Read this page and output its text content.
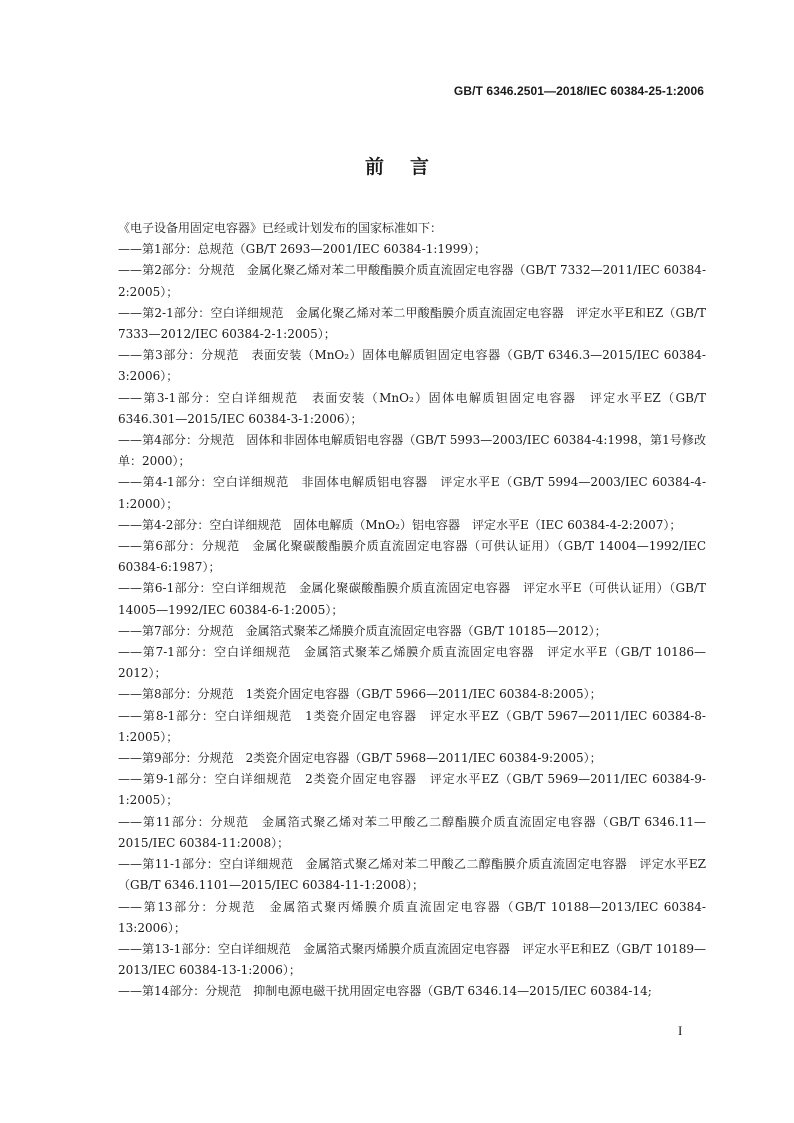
GB/T 6346.2501—2018/IEC 60384-25-1:2006
前言
《电子设备用固定电容器》已经或计划发布的国家标准如下：
——第1部分：总规范（GB/T 2693—2001/IEC 60384-1:1999）；
——第2部分：分规范　金属化聚乙烯对苯二甲酸酯膜介质直流固定电容器（GB/T 7332—2011/IEC 60384-2:2005）；
——第2-1部分：空白详细规范　金属化聚乙烯对苯二甲酸酯膜介质直流固定电容器　评定水平E和EZ（GB/T 7333—2012/IEC 60384-2-1:2005）；
——第3部分：分规范　表面安装（MnO₂）固体电解质钽固定电容器（GB/T 6346.3—2015/IEC 60384-3:2006）；
——第3-1部分：空白详细规范　表面安装（MnO₂）固体电解质钽固定电容器　评定水平EZ（GB/T 6346.301—2015/IEC 60384-3-1:2006）；
——第4部分：分规范　固体和非固体电解质铝电容器（GB/T 5993—2003/IEC 60384-4:1998，第1号修改单：2000）；
——第4-1部分：空白详细规范　非固体电解质铝电容器　评定水平E（GB/T 5994—2003/IEC 60384-4-1:2000）；
——第4-2部分：空白详细规范　固体电解质（MnO₂）铝电容器　评定水平E（IEC 60384-4-2:2007）；
——第6部分：分规范　金属化聚碳酸酯膜介质直流固定电容器（可供认证用）（GB/T 14004—1992/IEC 60384-6:1987）；
——第6-1部分：空白详细规范　金属化聚碳酸酯膜介质直流固定电容器　评定水平E（可供认证用）（GB/T 14005—1992/IEC 60384-6-1:2005）；
——第7部分：分规范　金属箔式聚苯乙烯膜介质直流固定电容器（GB/T 10185—2012）；
——第7-1部分：空白详细规范　金属箔式聚苯乙烯膜介质直流固定电容器　评定水平E（GB/T 10186—2012）；
——第8部分：分规范　1类瓷介固定电容器（GB/T 5966—2011/IEC 60384-8:2005）；
——第8-1部分：空白详细规范　1类瓷介固定电容器　评定水平EZ（GB/T 5967—2011/IEC 60384-8-1:2005）；
——第9部分：分规范　2类瓷介固定电容器（GB/T 5968—2011/IEC 60384-9:2005）；
——第9-1部分：空白详细规范　2类瓷介固定电容器　评定水平EZ（GB/T 5969—2011/IEC 60384-9-1:2005）；
——第11部分：分规范　金属箔式聚乙烯对苯二甲酸乙二醇酯膜介质直流固定电容器（GB/T 6346.11—2015/IEC 60384-11:2008）；
——第11-1部分：空白详细规范　金属箔式聚乙烯对苯二甲酸乙二醇酯膜介质直流固定电容器　评定水平EZ（GB/T 6346.1101—2015/IEC 60384-11-1:2008）；
——第13部分：分规范　金属箔式聚丙烯膜介质直流固定电容器（GB/T 10188—2013/IEC 60384-13:2006）；
——第13-1部分：空白详细规范　金属箔式聚丙烯膜介质直流固定电容器　评定水平E和EZ（GB/T 10189—2013/IEC 60384-13-1:2006）；
——第14部分：分规范　抑制电源电磁干扰用固定电容器（GB/T 6346.14—2015/IEC 60384-14;
I
